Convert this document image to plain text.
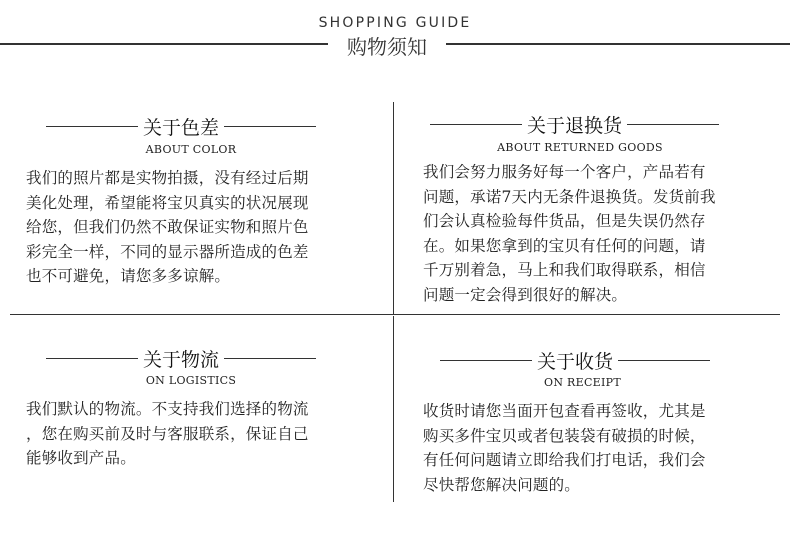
SHOPPING GUIDE
购物须知
关于色差
ABOUT COLOR
我们的照片都是实物拍摄，没有经过后期
美化处理，希望能将宝贝真实的状况展现
给您，但我们仍然不敢保证实物和照片色
彩完全一样，不同的显示器所造成的色差
也不可避免，请您多多谅解。
关于退换货
ABOUT RETURNED GOODS
我们会努力服务好每一个客户，产品若有
问题，承诺7天内无条件退换货。发货前我
们会认真检验每件货品，但是失误仍然存
在。如果您拿到的宝贝有任何的问题，请
千万别着急，马上和我们取得联系，相信
问题一定会得到很好的解决。
关于物流
ON LOGISTICS
我们默认的物流。不支持我们选择的物流
，您在购买前及时与客服联系，保证自己
能够收到产品。
关于收货
ON RECEIPT
收货时请您当面开包查看再签收，尤其是
购买多件宝贝或者包装袋有破损的时候，
有任何问题请立即给我们打电话，我们会
尽快帮您解决问题的。
